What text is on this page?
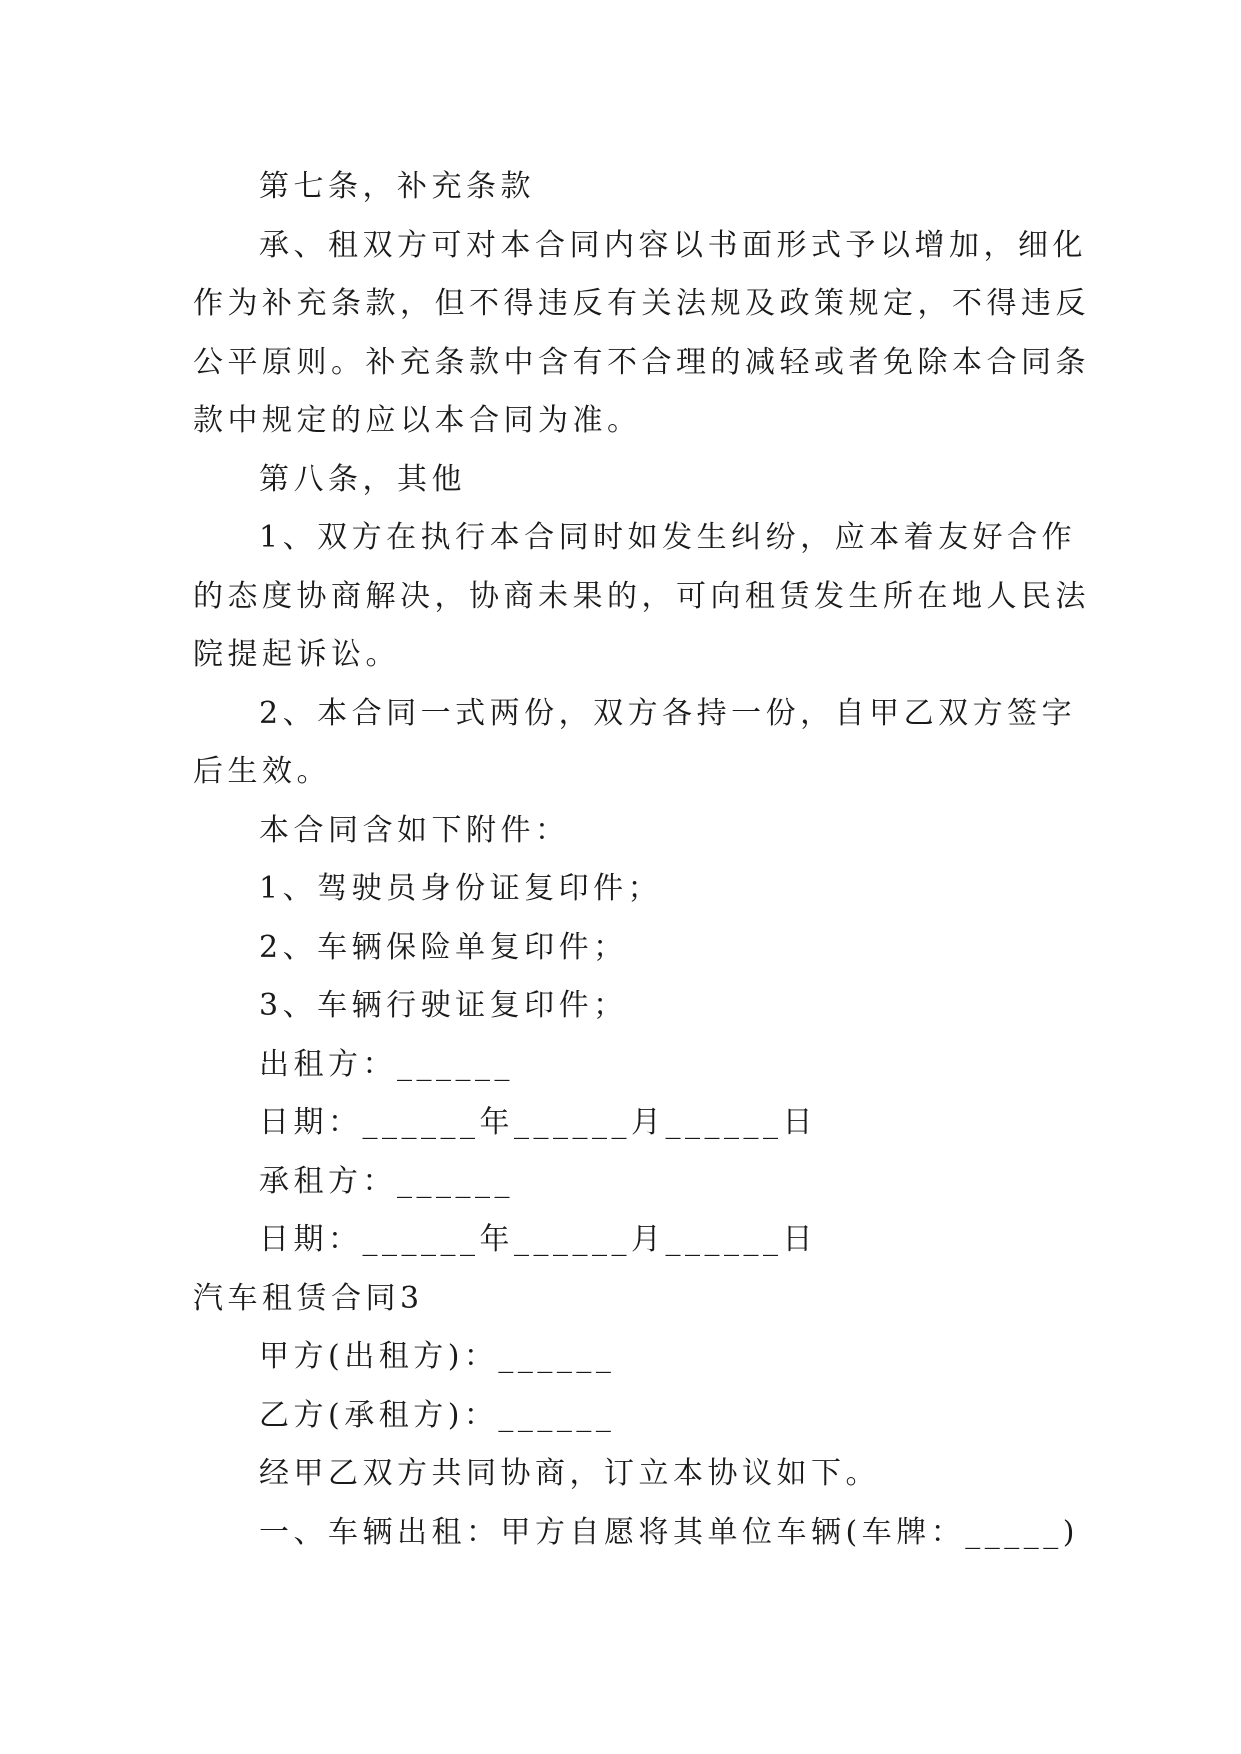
第七条，补充条款
承、租双方可对本合同内容以书面形式予以增加，细化
作为补充条款，但不得违反有关法规及政策规定，不得违反
公平原则。补充条款中含有不合理的减轻或者免除本合同条
款中规定的应以本合同为准。
第八条，其他
1、双方在执行本合同时如发生纠纷，应本着友好合作
的态度协商解决，协商未果的，可向租赁发生所在地人民法
院提起诉讼。
2、本合同一式两份，双方各持一份，自甲乙双方签字
后生效。
本合同含如下附件：
1、驾驶员身份证复印件；
2、车辆保险单复印件；
3、车辆行驶证复印件；
出租方：______
日期：______年______月______日
承租方：______
日期：______年______月______日
汽车租赁合同3
甲方(出租方)：______
乙方(承租方)：______
经甲乙双方共同协商，订立本协议如下。
一、车辆出租：甲方自愿将其单位车辆(车牌：_____)
